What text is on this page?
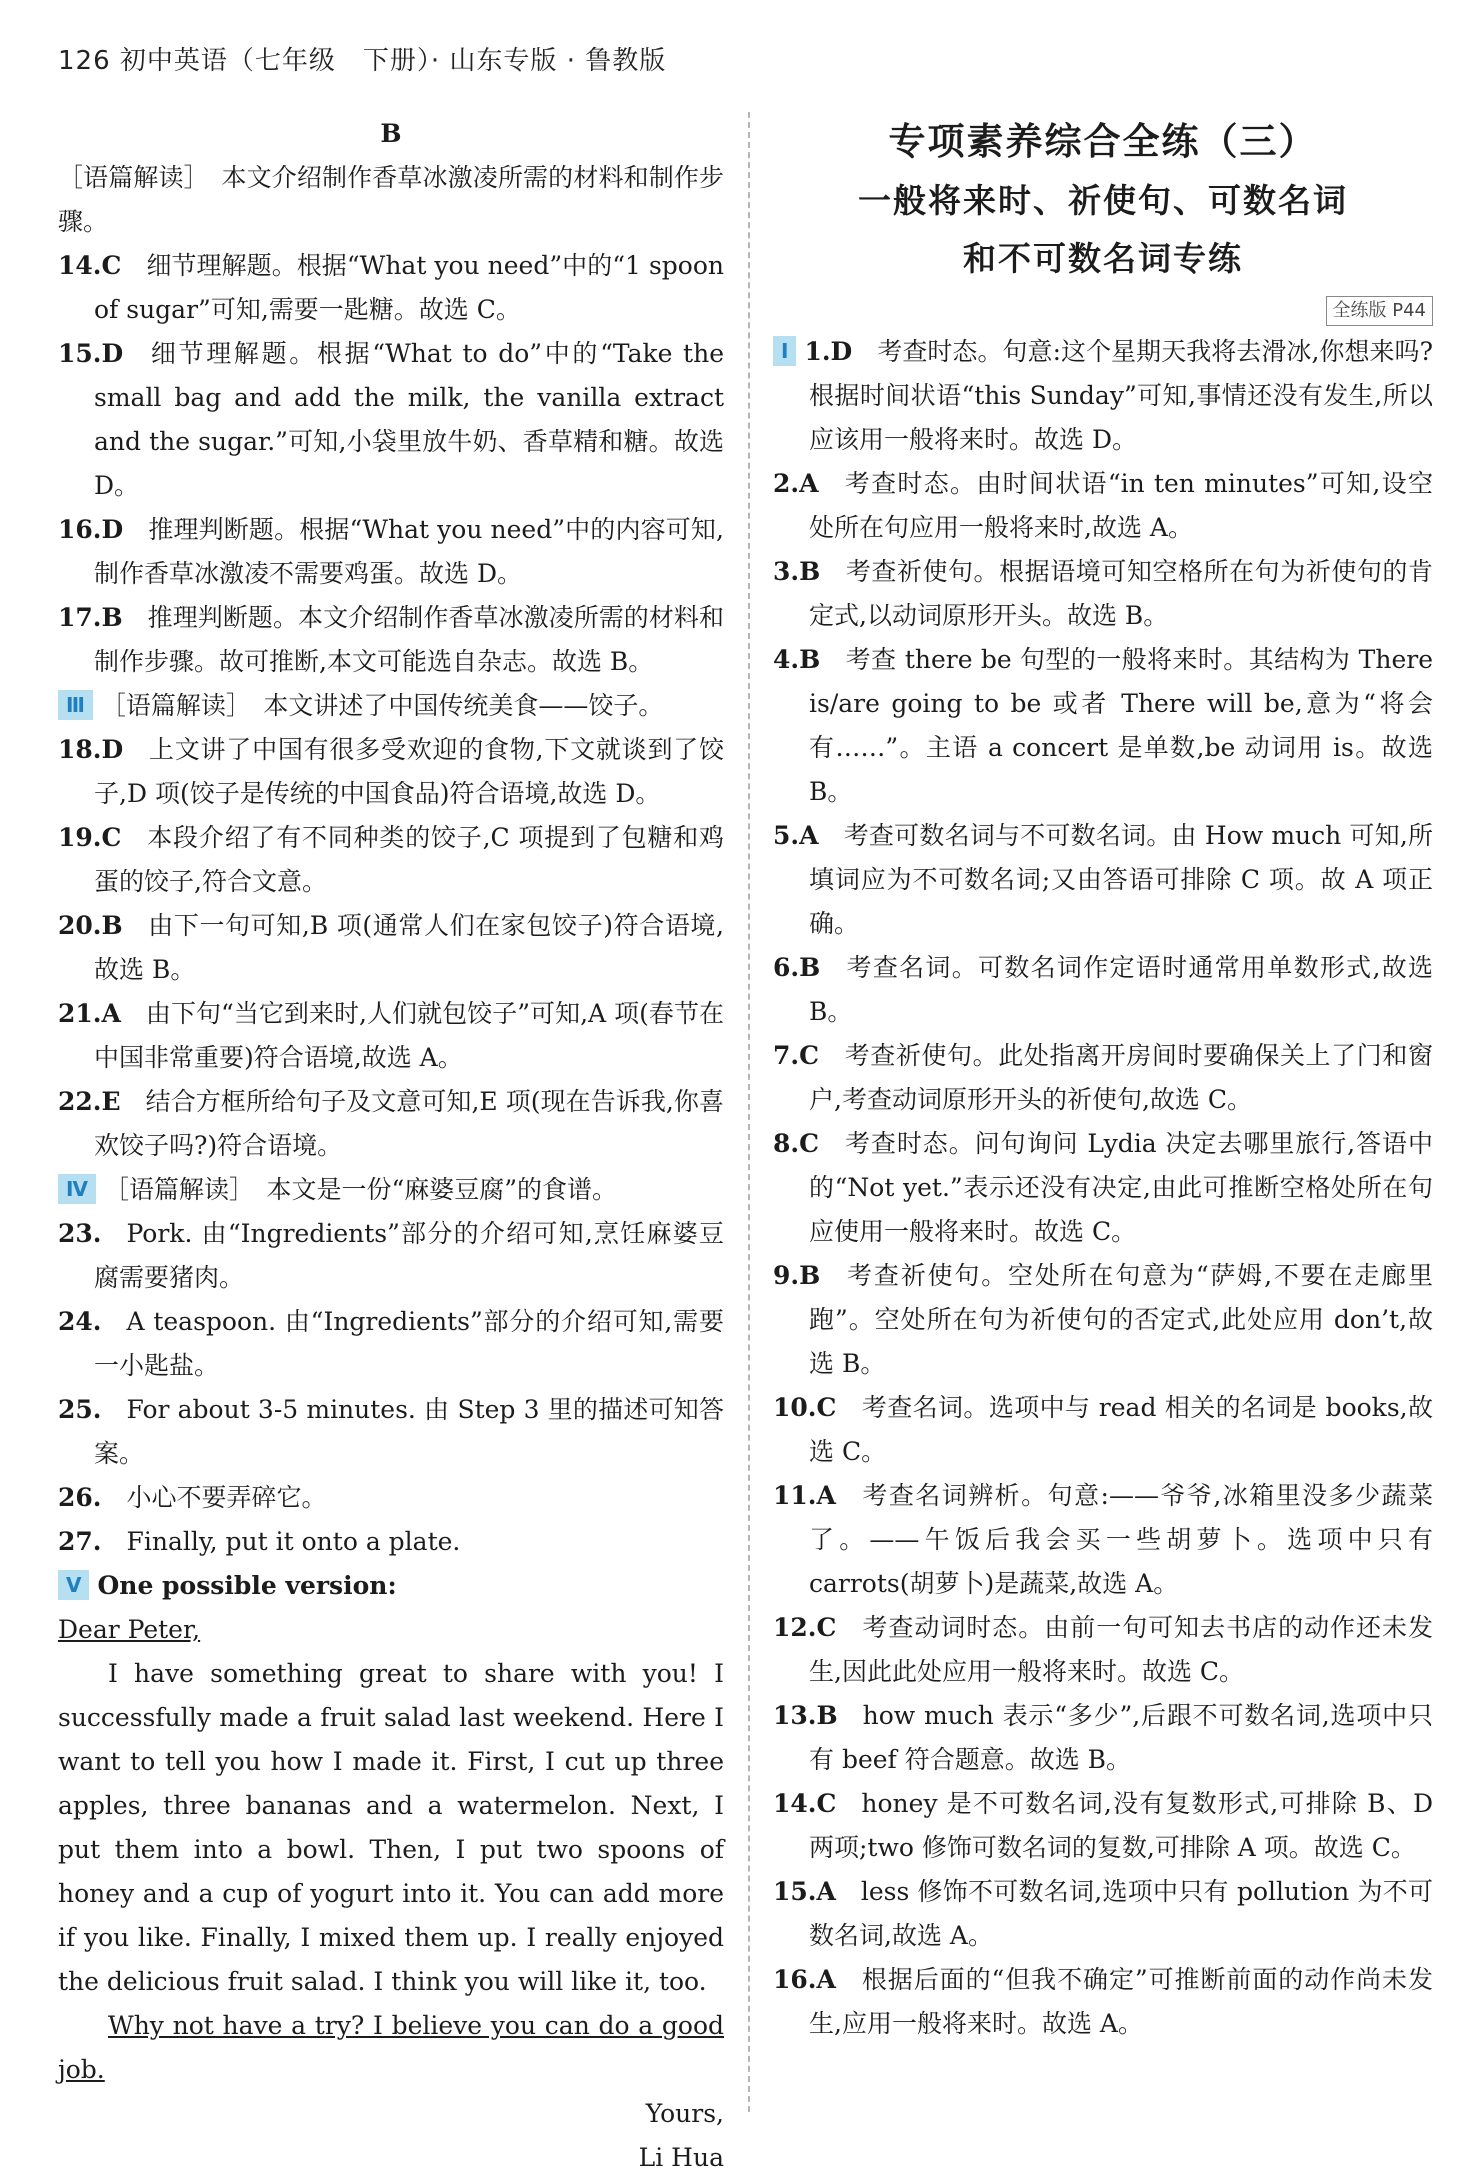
126 初中英语（七年级　下册）· 山东专版 · 鲁教版
B

［语篇解读］　本文介绍制作香草冰激凌所需的材料和制作步骤。

14.C  细节理解题。根据“What you need”中的“1 spoon of sugar”可知,需要一匙糖。故选 C。

15.D  细节理解题。根据“What to do”中的“Take the small bag and add the milk, the vanilla extract and the sugar.”可知,小袋里放牛奶、香草精和糖。故选 D。

16.D  推理判断题。根据“What you need”中的内容可知,制作香草冰激凌不需要鸡蛋。故选 D。

17.B  推理判断题。本文介绍制作香草冰激凌所需的材料和制作步骤。故可推断,本文可能选自杂志。故选 B。

Ⅲ ［语篇解读］　本文讲述了中国传统美食——饺子。

18.D  上文讲了中国有很多受欢迎的食物,下文就谈到了饺子,D 项(饺子是传统的中国食品)符合语境,故选 D。

19.C  本段介绍了有不同种类的饺子,C 项提到了包糖和鸡蛋的饺子,符合文意。

20.B  由下一句可知,B 项(通常人们在家包饺子)符合语境,故选 B。

21.A  由下句“当它到来时,人们就包饺子”可知,A 项(春节在中国非常重要)符合语境,故选 A。

22.E  结合方框所给句子及文意可知,E 项(现在告诉我,你喜欢饺子吗?)符合语境。

Ⅳ ［语篇解读］　本文是一份“麻婆豆腐”的食谱。

23.  Pork. 由“Ingredients”部分的介绍可知,烹饪麻婆豆腐需要猪肉。

24.  A teaspoon. 由“Ingredients”部分的介绍可知,需要一小匙盐。

25.  For about 3-5 minutes. 由 Step 3 里的描述可知答案。

26.  小心不要弄碎它。

27.  Finally, put it onto a plate.

Ⅴ One possible version:

Dear Peter,

I have something great to share with you! I successfully made a fruit salad last weekend. Here I want to tell you how I made it. First, I cut up three apples, three bananas and a watermelon. Next, I put them into a bowl. Then, I put two spoons of honey and a cup of yogurt into it. You can add more if you like. Finally, I mixed them up. I really enjoyed the delicious fruit salad. I think you will like it, too.

Why not have a try? I believe you can do a good job.

Yours,

Li Hua

专项素养综合全练（三）

一般将来时、祈使句、可数名词

和不可数名词专练

全练版 P44

Ⅰ 1.D  考查时态。句意:这个星期天我将去滑冰,你想来吗? 根据时间状语“this Sunday”可知,事情还没有发生,所以应该用一般将来时。故选 D。

2.A  考查时态。由时间状语“in ten minutes”可知,设空处所在句应用一般将来时,故选 A。

3.B  考查祈使句。根据语境可知空格所在句为祈使句的肯定式,以动词原形开头。故选 B。

4.B  考查 there be 句型的一般将来时。其结构为 There is/are going to be 或者 There will be,意为“将会有……”。主语 a concert 是单数,be 动词用 is。故选 B。

5.A  考查可数名词与不可数名词。由 How much 可知,所填词应为不可数名词;又由答语可排除 C 项。故 A 项正确。

6.B  考查名词。可数名词作定语时通常用单数形式,故选 B。

7.C  考查祈使句。此处指离开房间时要确保关上了门和窗户,考查动词原形开头的祈使句,故选 C。

8.C  考查时态。问句询问 Lydia 决定去哪里旅行,答语中的“Not yet.”表示还没有决定,由此可推断空格处所在句应使用一般将来时。故选 C。

9.B  考查祈使句。空处所在句意为“萨姆,不要在走廊里跑”。空处所在句为祈使句的否定式,此处应用 don’t,故选 B。

10.C  考查名词。选项中与 read 相关的名词是 books,故选 C。

11.A  考查名词辨析。句意:——爷爷,冰箱里没多少蔬菜了。——午饭后我会买一些胡萝卜。选项中只有 carrots(胡萝卜)是蔬菜,故选 A。

12.C  考查动词时态。由前一句可知去书店的动作还未发生,因此此处应用一般将来时。故选 C。

13.B  how much 表示“多少”,后跟不可数名词,选项中只有 beef 符合题意。故选 B。

14.C  honey 是不可数名词,没有复数形式,可排除 B、D 两项;two 修饰可数名词的复数,可排除 A 项。故选 C。

15.A  less 修饰不可数名词,选项中只有 pollution 为不可数名词,故选 A。

16.A  根据后面的“但我不确定”可推断前面的动作尚未发生,应用一般将来时。故选 A。
